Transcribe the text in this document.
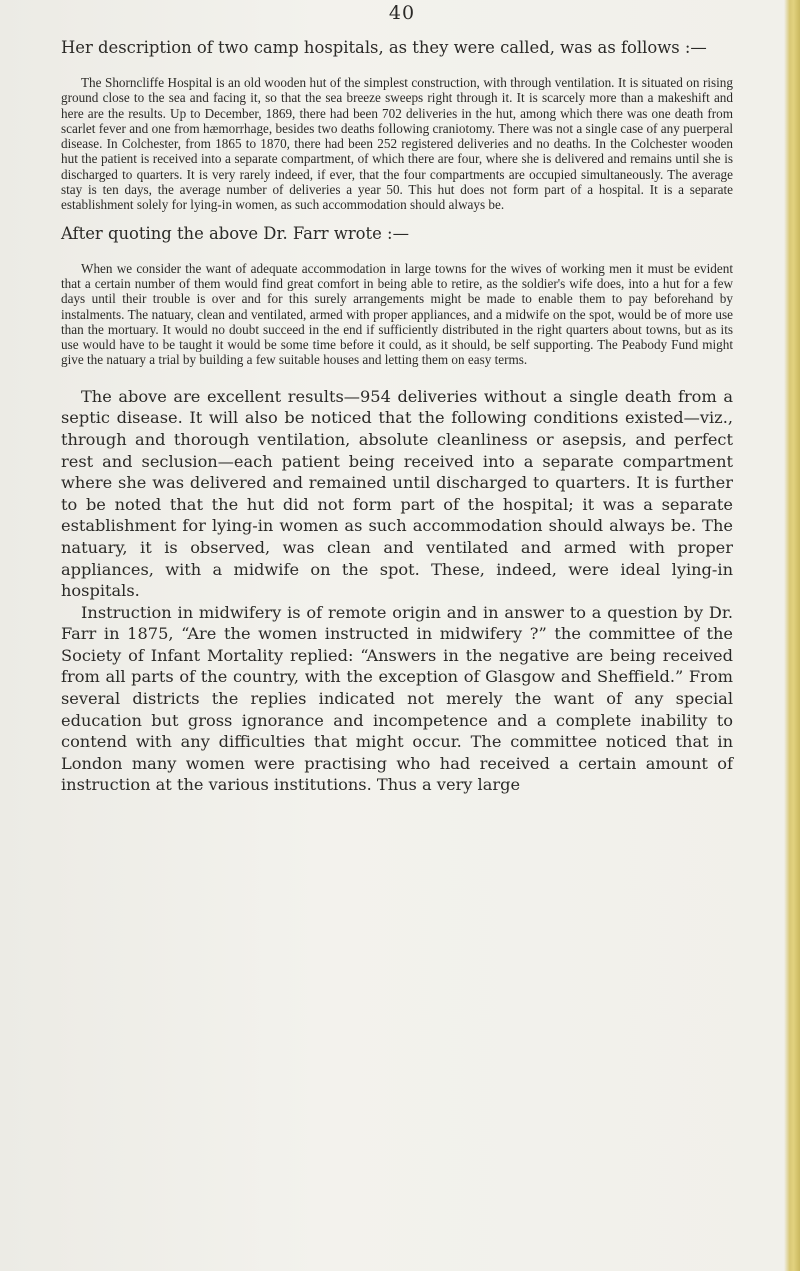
40

Her description of two camp hospitals, as they were called, was as follows :—

The Shorncliffe Hospital is an old wooden hut of the simplest construction, with through ventilation. It is situated on rising ground close to the sea and facing it, so that the sea breeze sweeps right through it. It is scarcely more than a makeshift and here are the results. Up to December, 1869, there had been 702 deliveries in the hut, among which there was one death from scarlet fever and one from hæmorrhage, besides two deaths following craniotomy. There was not a single case of any puerperal disease. In Colchester, from 1865 to 1870, there had been 252 registered deliveries and no deaths. In the Colchester wooden hut the patient is received into a separate compartment, of which there are four, where she is delivered and remains until she is discharged to quarters. It is very rarely indeed, if ever, that the four compartments are occupied simultaneously. The average stay is ten days, the average number of deliveries a year 50. This hut does not form part of a hospital. It is a separate establishment solely for lying-in women, as such accommodation should always be.

After quoting the above Dr. Farr wrote :—

When we consider the want of adequate accommodation in large towns for the wives of working men it must be evident that a certain number of them would find great comfort in being able to retire, as the soldier's wife does, into a hut for a few days until their trouble is over and for this surely arrangements might be made to enable them to pay beforehand by instalments. The natuary, clean and ventilated, armed with proper appliances, and a midwife on the spot, would be of more use than the mortuary. It would no doubt succeed in the end if sufficiently distributed in the right quarters about towns, but as its use would have to be taught it would be some time before it could, as it should, be self supporting. The Peabody Fund might give the natuary a trial by building a few suitable houses and letting them on easy terms.

The above are excellent results—954 deliveries without a single death from a septic disease. It will also be noticed that the following conditions existed—viz., through and thorough ventilation, absolute cleanliness or asepsis, and perfect rest and seclusion—each patient being received into a separate compartment where she was delivered and remained until discharged to quarters. It is further to be noted that the hut did not form part of the hospital; it was a separate establishment for lying-in women as such accommodation should always be. The natuary, it is observed, was clean and ventilated and armed with proper appliances, with a midwife on the spot. These, indeed, were ideal lying-in hospitals.

Instruction in midwifery is of remote origin and in answer to a question by Dr. Farr in 1875, “Are the women instructed in midwifery ?” the committee of the Society of Infant Mortality replied: “Answers in the negative are being received from all parts of the country, with the exception of Glasgow and Sheffield.” From several districts the replies indicated not merely the want of any special education but gross ignorance and incompetence and a complete inability to contend with any difficulties that might occur. The committee noticed that in London many women were practising who had received a certain amount of instruction at the various institutions. Thus a very large
